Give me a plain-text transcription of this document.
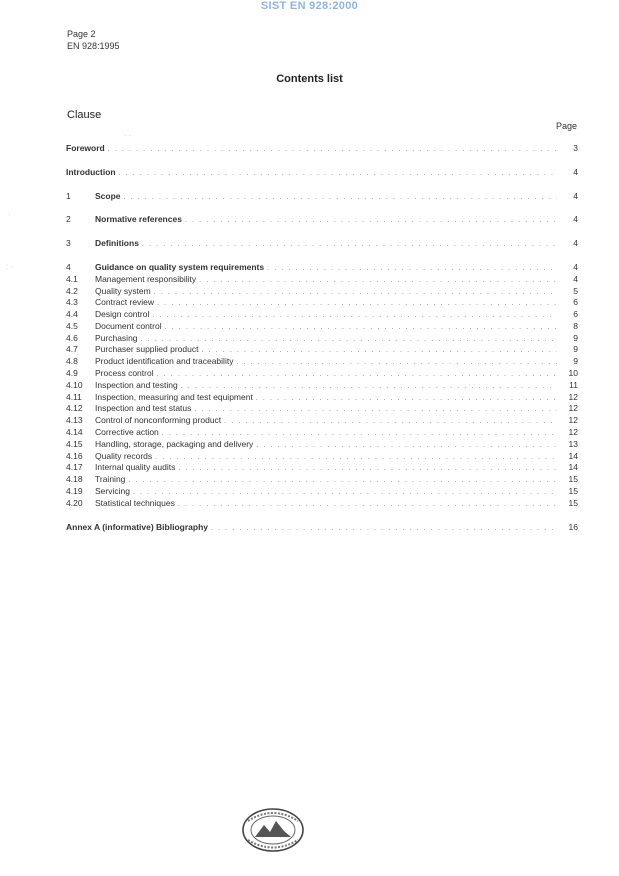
SIST EN 928:2000
Page 2
EN 928:1995
Contents list
Clause
Page
Foreword . . .	3
Introduction . . .	4
1	Scope . . .	4
2	Normative references . . .	4
3	Definitions . . .	4
4	Guidance on quality system requirements . . .	4
4.1	Management responsibility . . .	4
4.2	Quality system . . .	5
4.3	Contract review . . .	6
4.4	Design control . . .	6
4.5	Document control . . .	8
4.6	Purchasing . . .	9
4.7	Purchaser supplied product . . .	9
4.8	Product identification and traceability . . .	9
4.9	Process control . . .	10
4.10	Inspection and testing . . .	11
4.11	Inspection, measuring and test equipment . . .	12
4.12	Inspection and test status . . .	12
4.13	Control of nonconforming product . . .	12
4.14	Corrective action . . .	12
4.15	Handling, storage, packaging and delivery . . .	13
4.16	Quality records . . .	14
4.17	Internal quality audits . . .	14
4.18	Training . . .	15
4.19	Servicing . . .	15
4.20	Statistical techniques . . .	15
Annex A (informative) Bibliography . . .	16
· ·
·
: ·
· · ·
